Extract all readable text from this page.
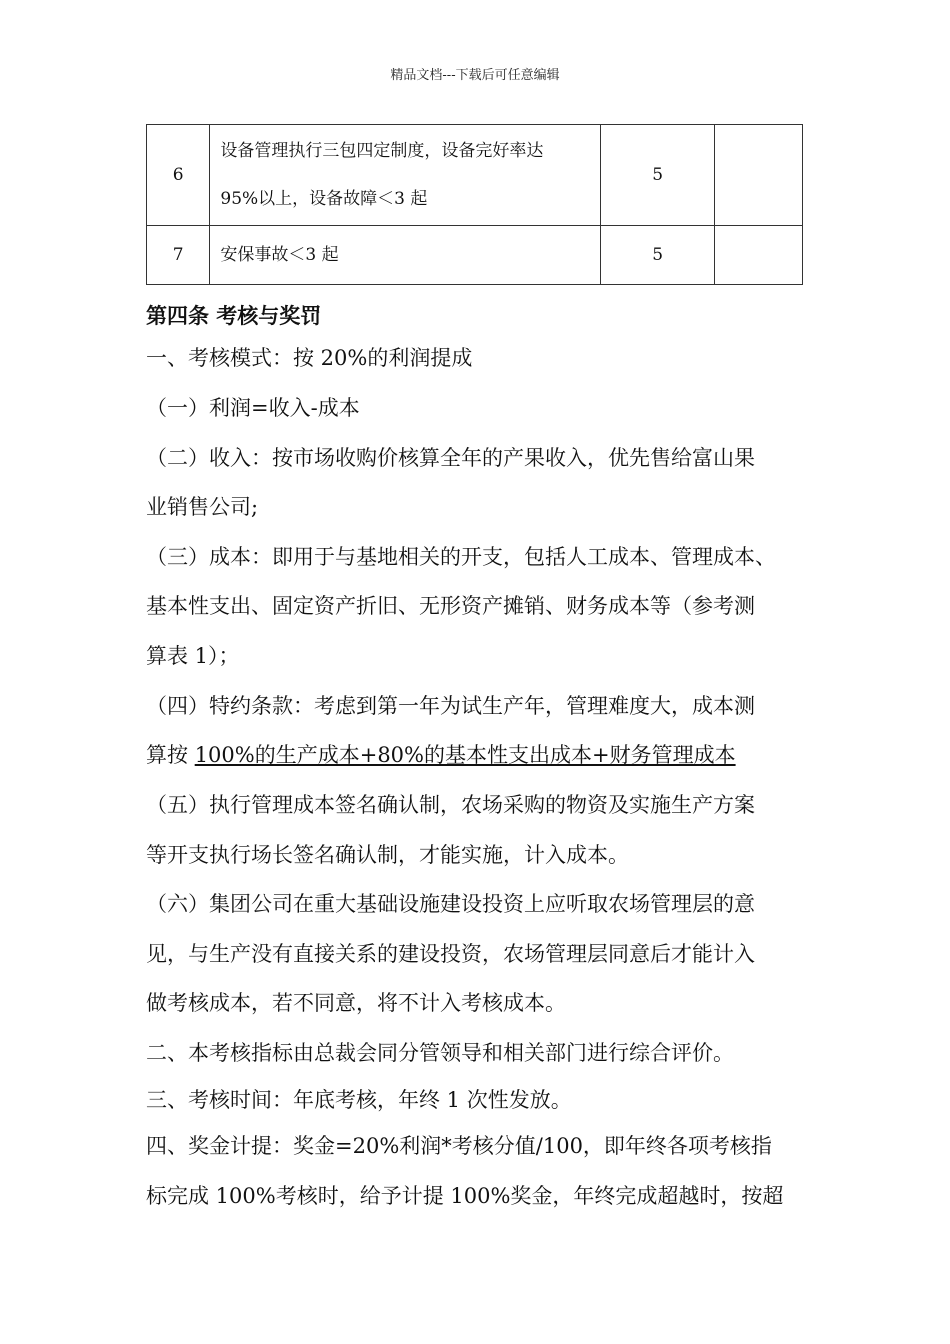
精品文档---下载后可任意编辑
6	设备管理执行三包四定制度，设备完好率达
95%以上，设备故障＜3 起	5	
7	安保事故＜3 起	5	
第四条 考核与奖罚
一、考核模式：按 20%的利润提成
（一）利润=收入-成本
（二）收入：按市场收购价核算全年的产果收入，优先售给富山果
业销售公司;
（三）成本：即用于与基地相关的开支，包括人工成本、管理成本、
基本性支出、固定资产折旧、无形资产摊销、财务成本等（参考测
算表 1）；
（四）特约条款：考虑到第一年为试生产年，管理难度大，成本测
算按 100%的生产成本+80%的基本性支出成本+财务管理成本
（五）执行管理成本签名确认制，农场采购的物资及实施生产方案
等开支执行场长签名确认制，才能实施，计入成本。
（六）集团公司在重大基础设施建设投资上应听取农场管理层的意
见，与生产没有直接关系的建设投资，农场管理层同意后才能计入
做考核成本，若不同意，将不计入考核成本。
二、本考核指标由总裁会同分管领导和相关部门进行综合评价。
三、考核时间：年底考核，年终 1 次性发放。
四、奖金计提：奖金=20%利润*考核分值/100，即年终各项考核指
标完成 100%考核时，给予计提 100%奖金，年终完成超越时，按超
